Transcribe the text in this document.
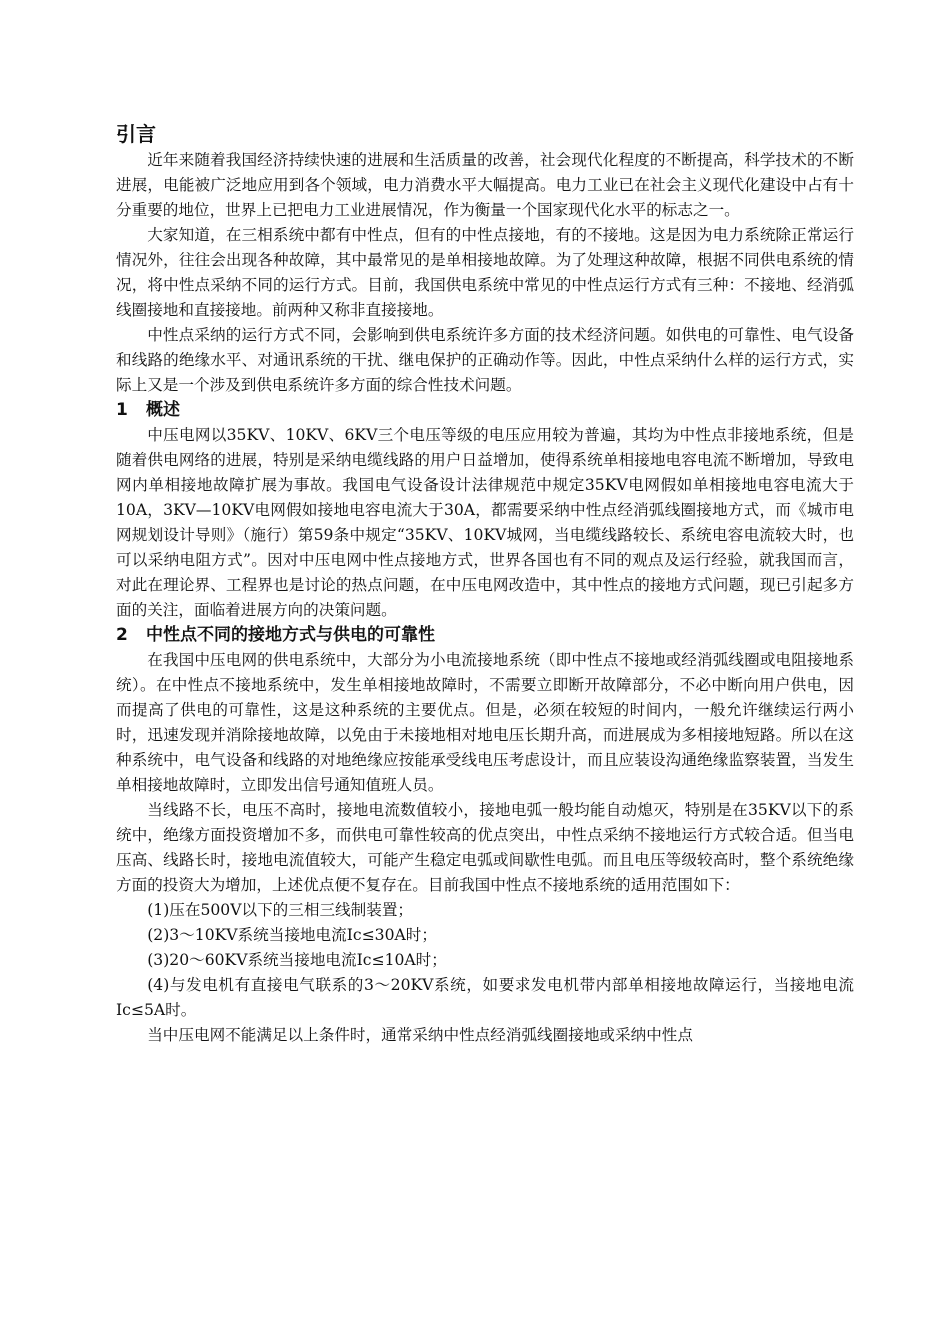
引言

近年来随着我国经济持续快速的进展和生活质量的改善，社会现代化程度的不断提高，科学技术的不断进展，电能被广泛地应用到各个领域，电力消费水平大幅提高。电力工业已在社会主义现代化建设中占有十分重要的地位，世界上已把电力工业进展情况，作为衡量一个国家现代化水平的标志之一。

大家知道，在三相系统中都有中性点，但有的中性点接地，有的不接地。这是因为电力系统除正常运行情况外，往往会出现各种故障，其中最常见的是单相接地故障。为了处理这种故障，根据不同供电系统的情况，将中性点采纳不同的运行方式。目前，我国供电系统中常见的中性点运行方式有三种：不接地、经消弧线圈接地和直接接地。前两种又称非直接接地。

中性点采纳的运行方式不同，会影响到供电系统许多方面的技术经济问题。如供电的可靠性、电气设备和线路的绝缘水平、对通讯系统的干扰、继电保护的正确动作等。因此，中性点采纳什么样的运行方式，实际上又是一个涉及到供电系统许多方面的综合性技术问题。

1 概述

中压电网以35KV、10KV、6KV三个电压等级的电压应用较为普遍，其均为中性点非接地系统，但是随着供电网络的进展，特别是采纳电缆线路的用户日益增加，使得系统单相接地电容电流不断增加，导致电网内单相接地故障扩展为事故。我国电气设备设计法律规范中规定35KV电网假如单相接地电容电流大于10A，3KV—10KV电网假如接地电容电流大于30A，都需要采纳中性点经消弧线圈接地方式，而《城市电网规划设计导则》（施行）第59条中规定“35KV、10KV城网，当电缆线路较长、系统电容电流较大时，也可以采纳电阻方式”。因对中压电网中性点接地方式，世界各国也有不同的观点及运行经验，就我国而言，对此在理论界、工程界也是讨论的热点问题，在中压电网改造中，其中性点的接地方式问题，现已引起多方面的关注，面临着进展方向的决策问题。

2 中性点不同的接地方式与供电的可靠性

在我国中压电网的供电系统中，大部分为小电流接地系统（即中性点不接地或经消弧线圈或电阻接地系统）。在中性点不接地系统中，发生单相接地故障时，不需要立即断开故障部分，不必中断向用户供电，因而提高了供电的可靠性，这是这种系统的主要优点。但是，必须在较短的时间内，一般允许继续运行两小时，迅速发现并消除接地故障，以免由于未接地相对地电压长期升高，而进展成为多相接地短路。所以在这种系统中，电气设备和线路的对地绝缘应按能承受线电压考虑设计，而且应装设沟通绝缘监察装置，当发生单相接地故障时，立即发出信号通知值班人员。

当线路不长，电压不高时，接地电流数值较小，接地电弧一般均能自动熄灭，特别是在35KV以下的系统中，绝缘方面投资增加不多，而供电可靠性较高的优点突出，中性点采纳不接地运行方式较合适。但当电压高、线路长时，接地电流值较大，可能产生稳定电弧或间歇性电弧。而且电压等级较高时，整个系统绝缘方面的投资大为增加，上述优点便不复存在。目前我国中性点不接地系统的适用范围如下：

(1)压在500V以下的三相三线制装置；

(2)3～10KV系统当接地电流Ic≤30A时；

(3)20～60KV系统当接地电流Ic≤10A时；

(4)与发电机有直接电气联系的3～20KV系统，如要求发电机带内部单相接地故障运行，当接地电流Ic≤5A时。

当中压电网不能满足以上条件时，通常采纳中性点经消弧线圈接地或采纳中性点
